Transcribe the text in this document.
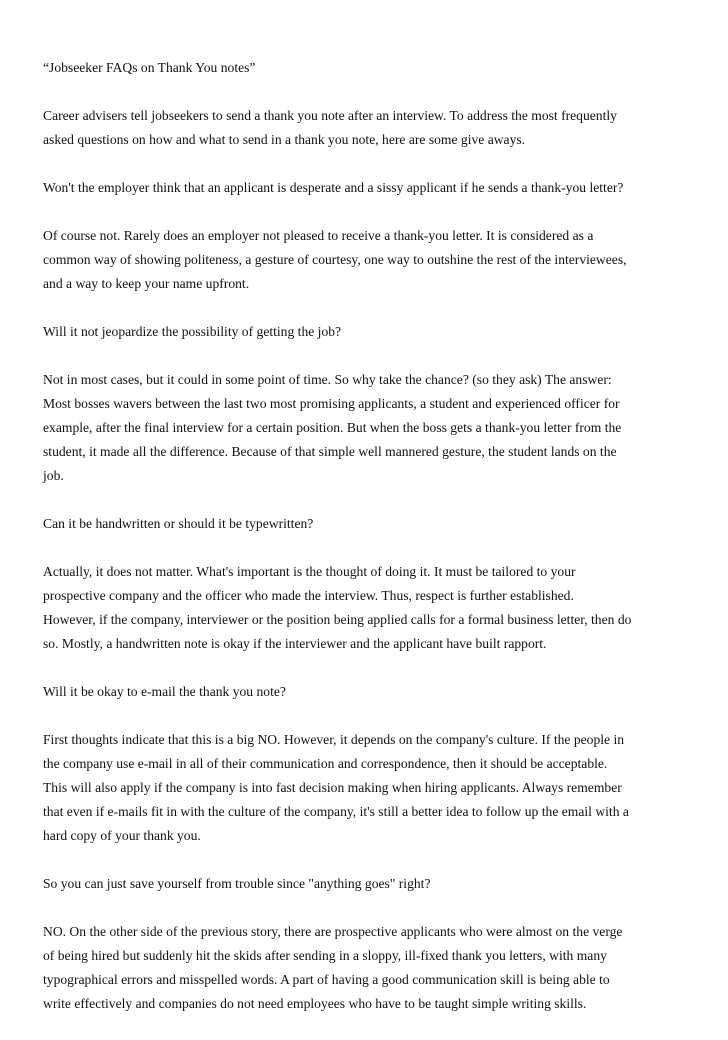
“Jobseeker FAQs on Thank You notes”

Career advisers tell jobseekers to send a thank you note after an interview. To address the most frequently
asked questions on how and what to send in a thank you note, here are some give aways.

Won't the employer think that an applicant is desperate and a sissy applicant if he sends a thank-you letter?

Of course not. Rarely does an employer not pleased to receive a thank-you letter. It is considered as a
common way of showing politeness, a gesture of courtesy, one way to outshine the rest of the interviewees,
and a way to keep your name upfront.

Will it not jeopardize the possibility of getting the job?

Not in most cases, but it could in some point of time. So why take the chance? (so they ask) The answer:
Most bosses wavers between the last two most promising applicants, a student and experienced officer for
example, after the final interview for a certain position. But when the boss gets a thank-you letter from the
student, it made all the difference. Because of that simple well mannered gesture, the student lands on the
job.

Can it be handwritten or should it be typewritten?

Actually, it does not matter. What's important is the thought of doing it. It must be tailored to your
prospective company and the officer who made the interview. Thus, respect is further established.
However, if the company, interviewer or the position being applied calls for a formal business letter, then do
so. Mostly, a handwritten note is okay if the interviewer and the applicant have built rapport.

Will it be okay to e-mail the thank you note?

First thoughts indicate that this is a big NO. However, it depends on the company's culture. If the people in
the company use e-mail in all of their communication and correspondence, then it should be acceptable.
This will also apply if the company is into fast decision making when hiring applicants. Always remember
that even if e-mails fit in with the culture of the company, it's still a better idea to follow up the email with a
hard copy of your thank you.

So you can just save yourself from trouble since "anything goes" right?

NO. On the other side of the previous story, there are prospective applicants who were almost on the verge
of being hired but suddenly hit the skids after sending in a sloppy, ill-fixed thank you letters, with many
typographical errors and misspelled words. A part of having a good communication skill is being able to
write effectively and companies do not need employees who have to be taught simple writing skills.
